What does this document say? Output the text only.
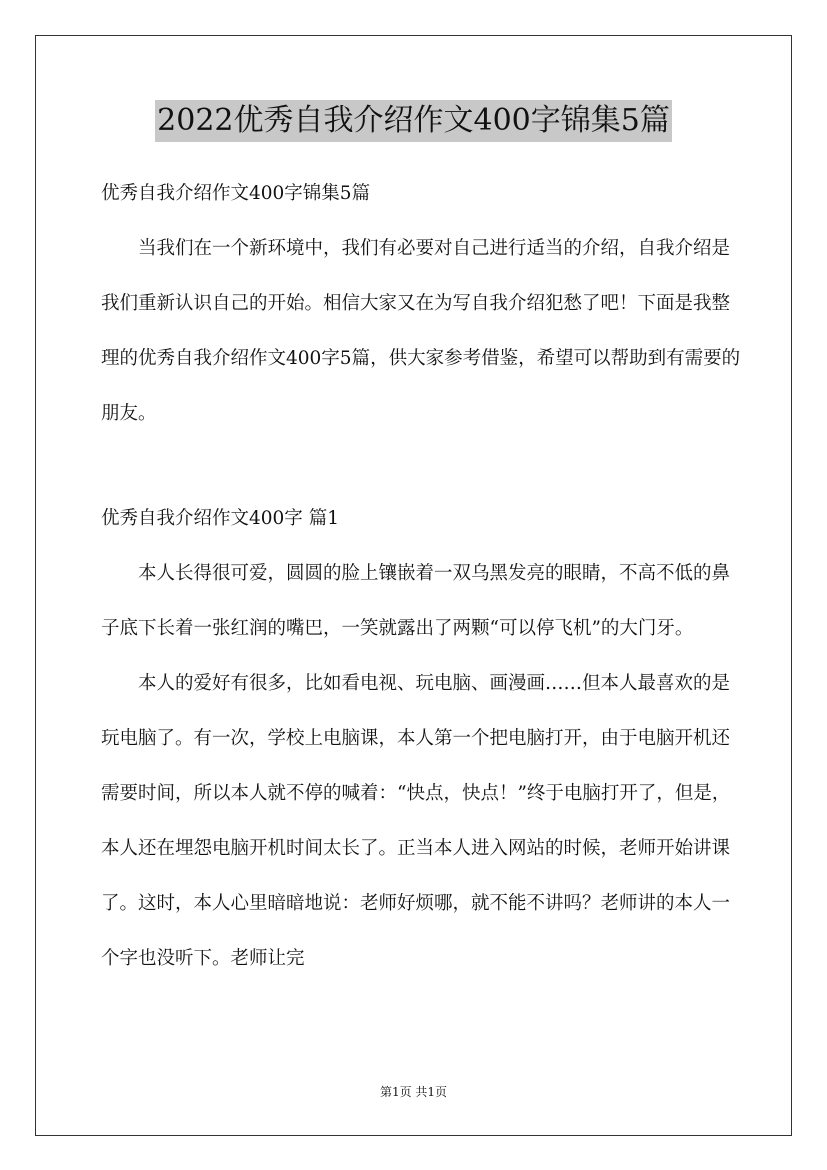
2022优秀自我介绍作文400字锦集5篇
优秀自我介绍作文400字锦集5篇

当我们在一个新环境中，我们有必要对自己进行适当的介绍，自我介绍是我们重新认识自己的开始。相信大家又在为写自我介绍犯愁了吧！下面是我整理的优秀自我介绍作文400字5篇，供大家参考借鉴，希望可以帮助到有需要的朋友。

优秀自我介绍作文400字 篇1

本人长得很可爱，圆圆的脸上镶嵌着一双乌黑发亮的眼睛，不高不低的鼻子底下长着一张红润的嘴巴，一笑就露出了两颗“可以停飞机”的大门牙。

本人的爱好有很多，比如看电视、玩电脑、画漫画……但本人最喜欢的是玩电脑了。有一次，学校上电脑课，本人第一个把电脑打开，由于电脑开机还需要时间，所以本人就不停的喊着：“快点，快点！”终于电脑打开了，但是，本人还在埋怨电脑开机时间太长了。正当本人进入网站的时候，老师开始讲课了。这时，本人心里暗暗地说：老师好烦哪，就不能不讲吗？老师讲的本人一个字也没听下。老师让完

第1页 共1页
